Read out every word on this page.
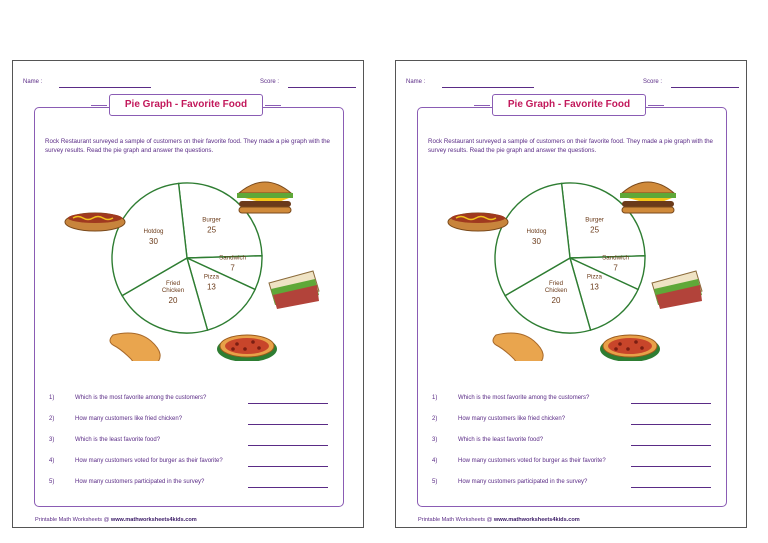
Name :	Score :
Pie Graph - Favorite Food
Rock Restaurant surveyed a sample of customers on their favorite food. They made a pie graph with the survey results. Read the pie graph and answer the questions.
Burger
25
Sandwich
7
Pizza
13
Fried
Chicken
20
Hotdog
30
1)	Which is the most favorite among the customers?
2)	How many customers like fried chicken?
3)	Which is the least favorite food?
4)	How many customers voted for burger as their favorite?
5)	How many customers participated in the survey?
Printable Math Worksheets @ www.mathworksheets4kids.com
Name :	Score :
Pie Graph - Favorite Food
Rock Restaurant surveyed a sample of customers on their favorite food. They made a pie graph with the survey results. Read the pie graph and answer the questions.
Burger
25
Sandwich
7
Pizza
13
Fried
Chicken
20
Hotdog
30
1)	Which is the most favorite among the customers?
2)	How many customers like fried chicken?
3)	Which is the least favorite food?
4)	How many customers voted for burger as their favorite?
5)	How many customers participated in the survey?
Printable Math Worksheets @ www.mathworksheets4kids.com
